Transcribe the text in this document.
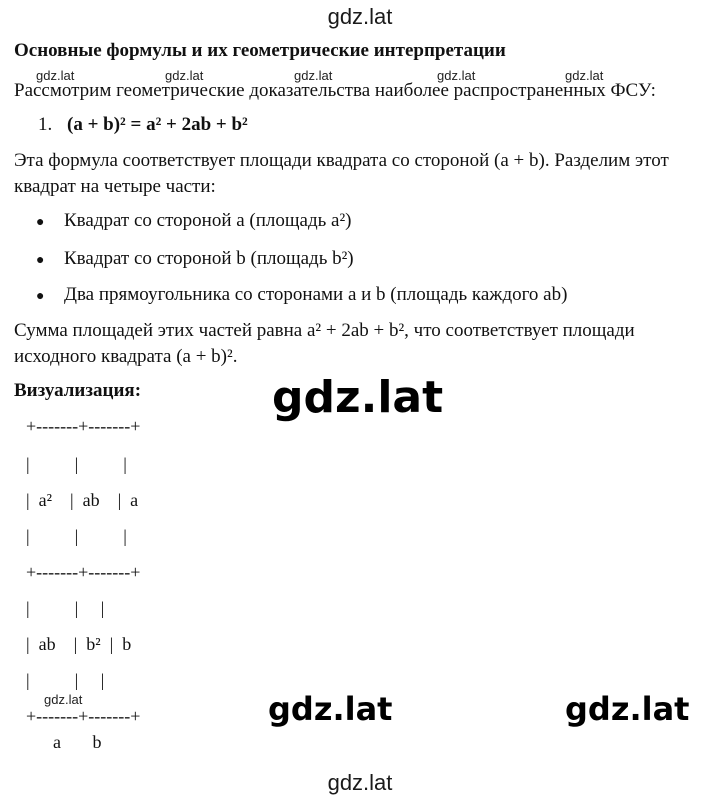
gdz.lat
Основные формулы и их геометрические интерпретации
Рассмотрим геометрические доказательства наиболее распространенных ФСУ:
gdz.lat	gdz.lat	gdz.lat	gdz.lat	gdz.lat
1. (a + b)² = a² + 2ab + b²
Эта формула соответствует площади квадрата со стороной (a + b). Разделим этот
квадрат на четыре части:
● Квадрат со стороной a (площадь a²)
● Квадрат со стороной b (площадь b²)
● Два прямоугольника со сторонами a и b (площадь каждого ab)
Сумма площадей этих частей равна a² + 2ab + b², что соответствует площади
исходного квадрата (a + b)².
Визуализация:	gdz.lat
+-------+-------+
|          |          |
|  a²    |  ab    |  a
|          |          |
+-------+-------+
|          |     |
|  ab    |  b²  |  b
|          |     |
+-------+-------+
a       b
gdz.lat	gdz.lat	gdz.lat
gdz.lat
